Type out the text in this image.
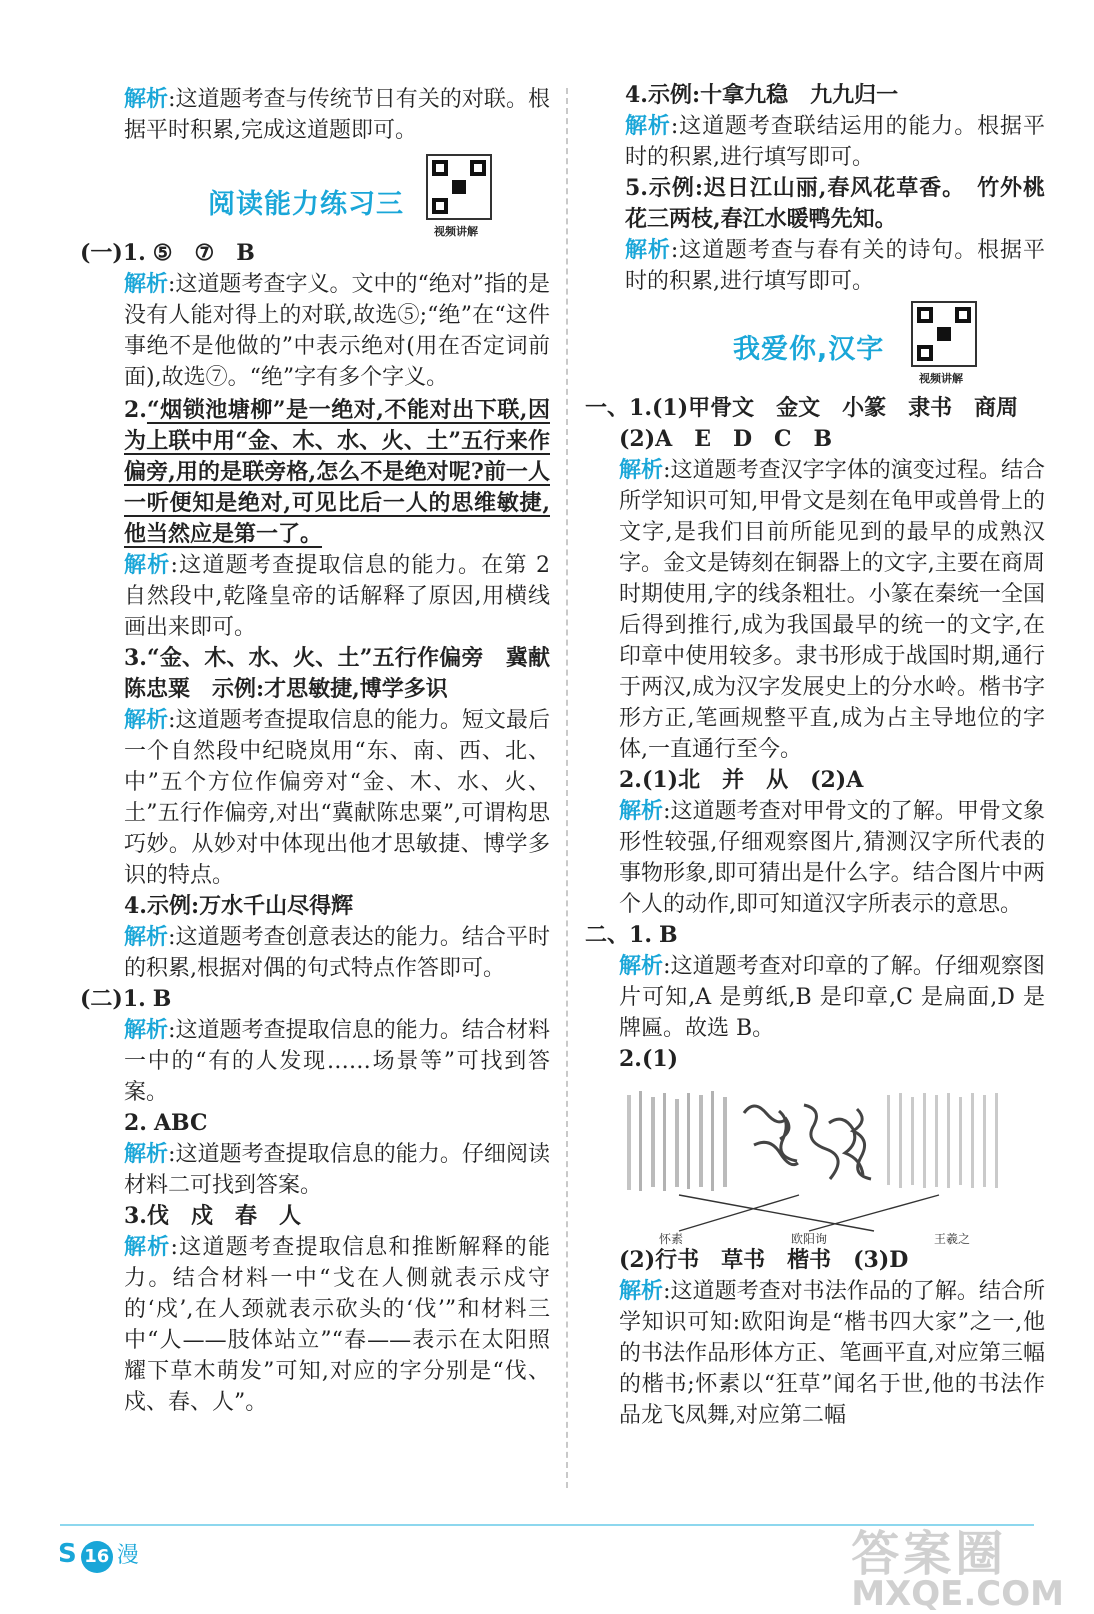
解析:这道题考查与传统节日有关的对联。根据平时积累,完成这道题即可。

阅读能力练习三
视频讲解

(一)1. ⑤　⑦　B

解析:这道题考查字义。文中的“绝对”指的是没有人能对得上的对联,故选⑤;“绝”在“这件事绝不是他做的”中表示绝对(用在否定词前面),故选⑦。“绝”字有多个字义。

2.“烟锁池塘柳”是一绝对,不能对出下联,因为上联中用“金、木、水、火、土”五行来作偏旁,用的是联旁格,怎么不是绝对呢?前一人一听便知是绝对,可见比后一人的思维敏捷,他当然应是第一了。

解析:这道题考查提取信息的能力。在第 2 自然段中,乾隆皇帝的话解释了原因,用横线画出来即可。

3.“金、木、水、火、土”五行作偏旁　冀献陈忠粟　示例:才思敏捷,博学多识

解析:这道题考查提取信息的能力。短文最后一个自然段中纪晓岚用“东、南、西、北、中”五个方位作偏旁对“金、木、水、火、土”五行作偏旁,对出“冀献陈忠粟”,可谓构思巧妙。从妙对中体现出他才思敏捷、博学多识的特点。

4.示例:万水千山尽得辉

解析:这道题考查创意表达的能力。结合平时的积累,根据对偶的句式特点作答即可。

(二)1. B

解析:这道题考查提取信息的能力。结合材料一中的“有的人发现……场景等”可找到答案。

2. ABC

解析:这道题考查提取信息的能力。仔细阅读材料二可找到答案。

3.伐　戍　春　人

解析:这道题考查提取信息和推断解释的能力。结合材料一中“戈在人侧就表示戍守的‘戍’,在人颈就表示砍头的‘伐’”和材料三中“人——肢体站立”“春——表示在太阳照耀下草木萌发”可知,对应的字分别是“伐、戍、春、人”。

4.示例:十拿九稳　九九归一

解析:这道题考查联结运用的能力。根据平时的积累,进行填写即可。

5.示例:迟日江山丽,春风花草香。　竹外桃花三两枝,春江水暖鸭先知。

解析:这道题考查与春有关的诗句。根据平时的积累,进行填写即可。

我爱你,汉字
视频讲解

一、1.(1)甲骨文　金文　小篆　隶书　商周

(2)A　E　D　C　B

解析:这道题考查汉字字体的演变过程。结合所学知识可知,甲骨文是刻在龟甲或兽骨上的文字,是我们目前所能见到的最早的成熟汉字。金文是铸刻在铜器上的文字,主要在商周时期使用,字的线条粗壮。小篆在秦统一全国后得到推行,成为我国最早的统一的文字,在印章中使用较多。隶书形成于战国时期,通行于两汉,成为汉字发展史上的分水岭。楷书字形方正,笔画规整平直,成为占主导地位的字体,一直通行至今。

2.(1)北　并　从　(2)A

解析:这道题考查对甲骨文的了解。甲骨文象形性较强,仔细观察图片,猜测汉字所代表的事物形象,即可猜出是什么字。结合图片中两个人的动作,即可知道汉字所表示的意思。

二、1. B

解析:这道题考查对印章的了解。仔细观察图片可知,A 是剪纸,B 是印章,C 是扁面,D 是牌匾。故选 B。

2.(1)

怀素	欧阳询	王羲之

(2)行书　草书　楷书　(3)D

解析:这道题考查对书法作品的了解。结合所学知识可知:欧阳询是“楷书四大家”之一,他的书法作品形体方正、笔画平直,对应第三幅的楷书;怀素以“狂草”闻名于世,他的书法作品龙飞凤舞,对应第二幅

S 16 漫	答案圈
MXQE.COM
